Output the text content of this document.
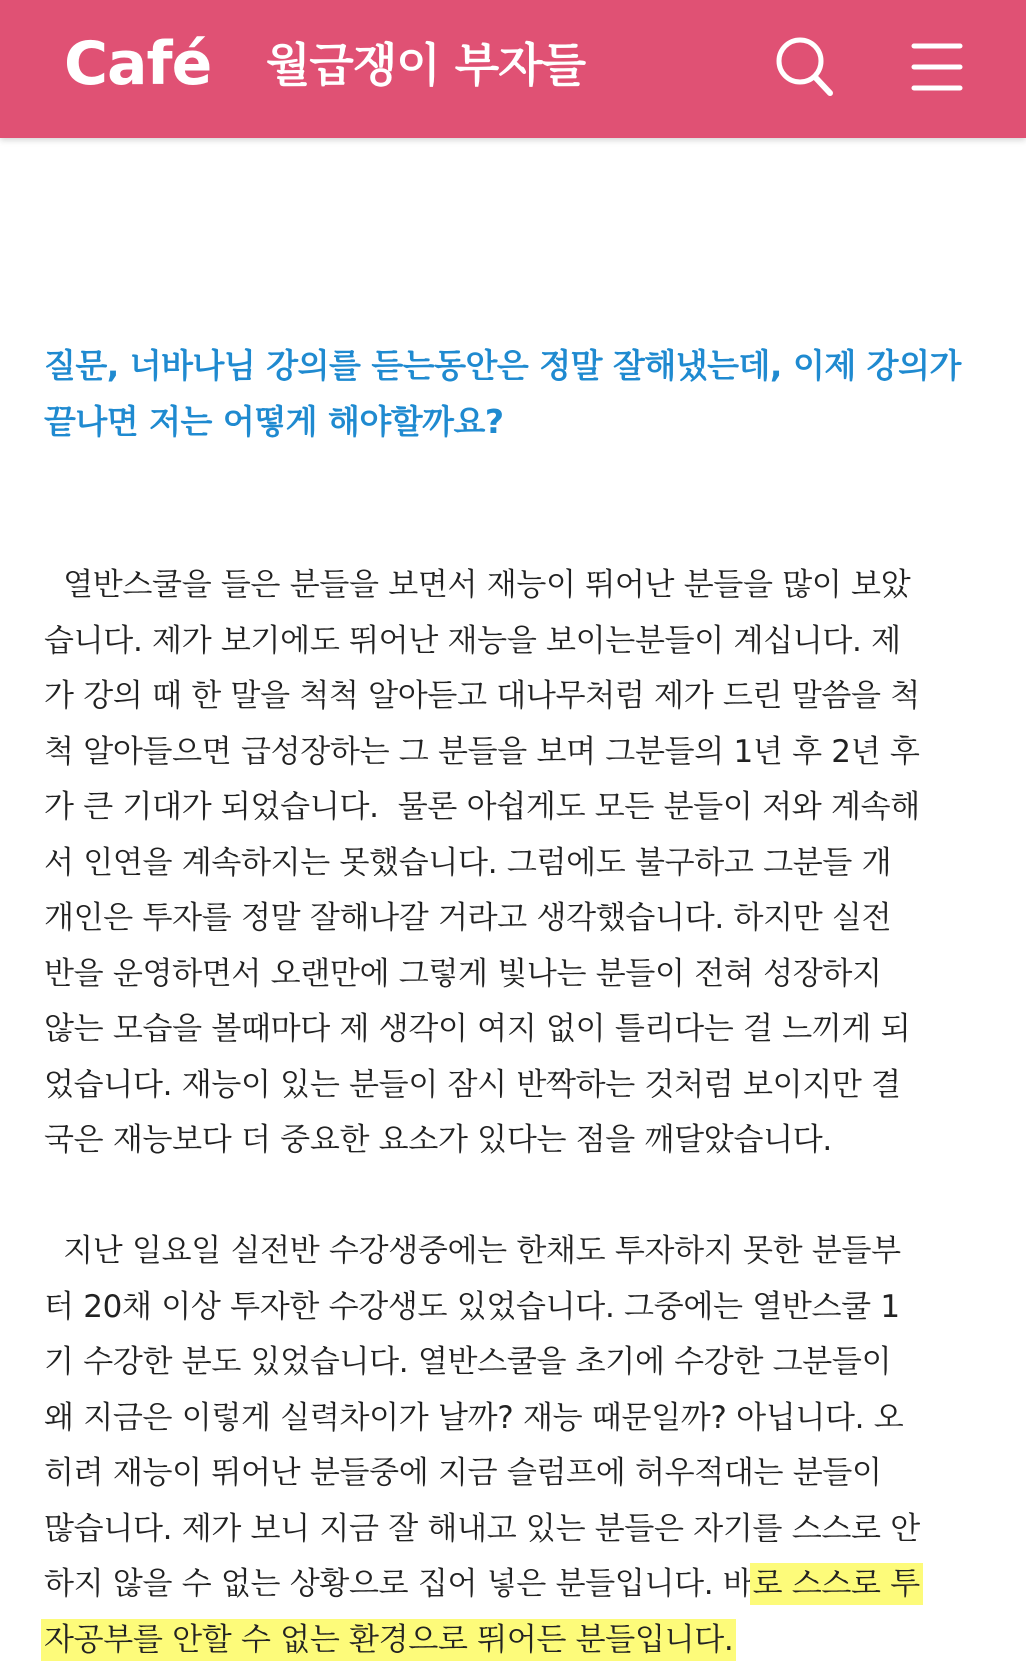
Café 월급쟁이 부자들
질문, 너바나님 강의를 듣는동안은 정말 잘해냈는데, 이제 강의가
끝나면 저는 어떻게 해야할까요?
열반스쿨을 들은 분들을 보면서 재능이 뛰어난 분들을 많이 보았
습니다. 제가 보기에도 뛰어난 재능을 보이는분들이 계십니다. 제
가 강의 때 한 말을 척척 알아듣고 대나무처럼 제가 드린 말씀을 척
척 알아들으면 급성장하는 그 분들을 보며 그분들의 1년 후 2년 후
가 큰 기대가 되었습니다.  물론 아쉽게도 모든 분들이 저와 계속해
서 인연을 계속하지는 못했습니다. 그럼에도 불구하고 그분들 개
개인은 투자를 정말 잘해나갈 거라고 생각했습니다. 하지만 실전
반을 운영하면서 오랜만에 그렇게 빛나는 분들이 전혀 성장하지
않는 모습을 볼때마다 제 생각이 여지 없이 틀리다는 걸 느끼게 되
었습니다. 재능이 있는 분들이 잠시 반짝하는 것처럼 보이지만 결
국은 재능보다 더 중요한 요소가 있다는 점을 깨달았습니다.
지난 일요일 실전반 수강생중에는 한채도 투자하지 못한 분들부
터 20채 이상 투자한 수강생도 있었습니다. 그중에는 열반스쿨 1
기 수강한 분도 있었습니다. 열반스쿨을 초기에 수강한 그분들이
왜 지금은 이렇게 실력차이가 날까? 재능 때문일까? 아닙니다. 오
히려 재능이 뛰어난 분들중에 지금 슬럼프에 허우적대는 분들이
많습니다. 제가 보니 지금 잘 해내고 있는 분들은 자기를 스스로 안
하지 않을 수 없는 상황으로 집어 넣은 분들입니다. 바로 스스로 투
자공부를 안할 수 없는 환경으로 뛰어든 분들입니다.
